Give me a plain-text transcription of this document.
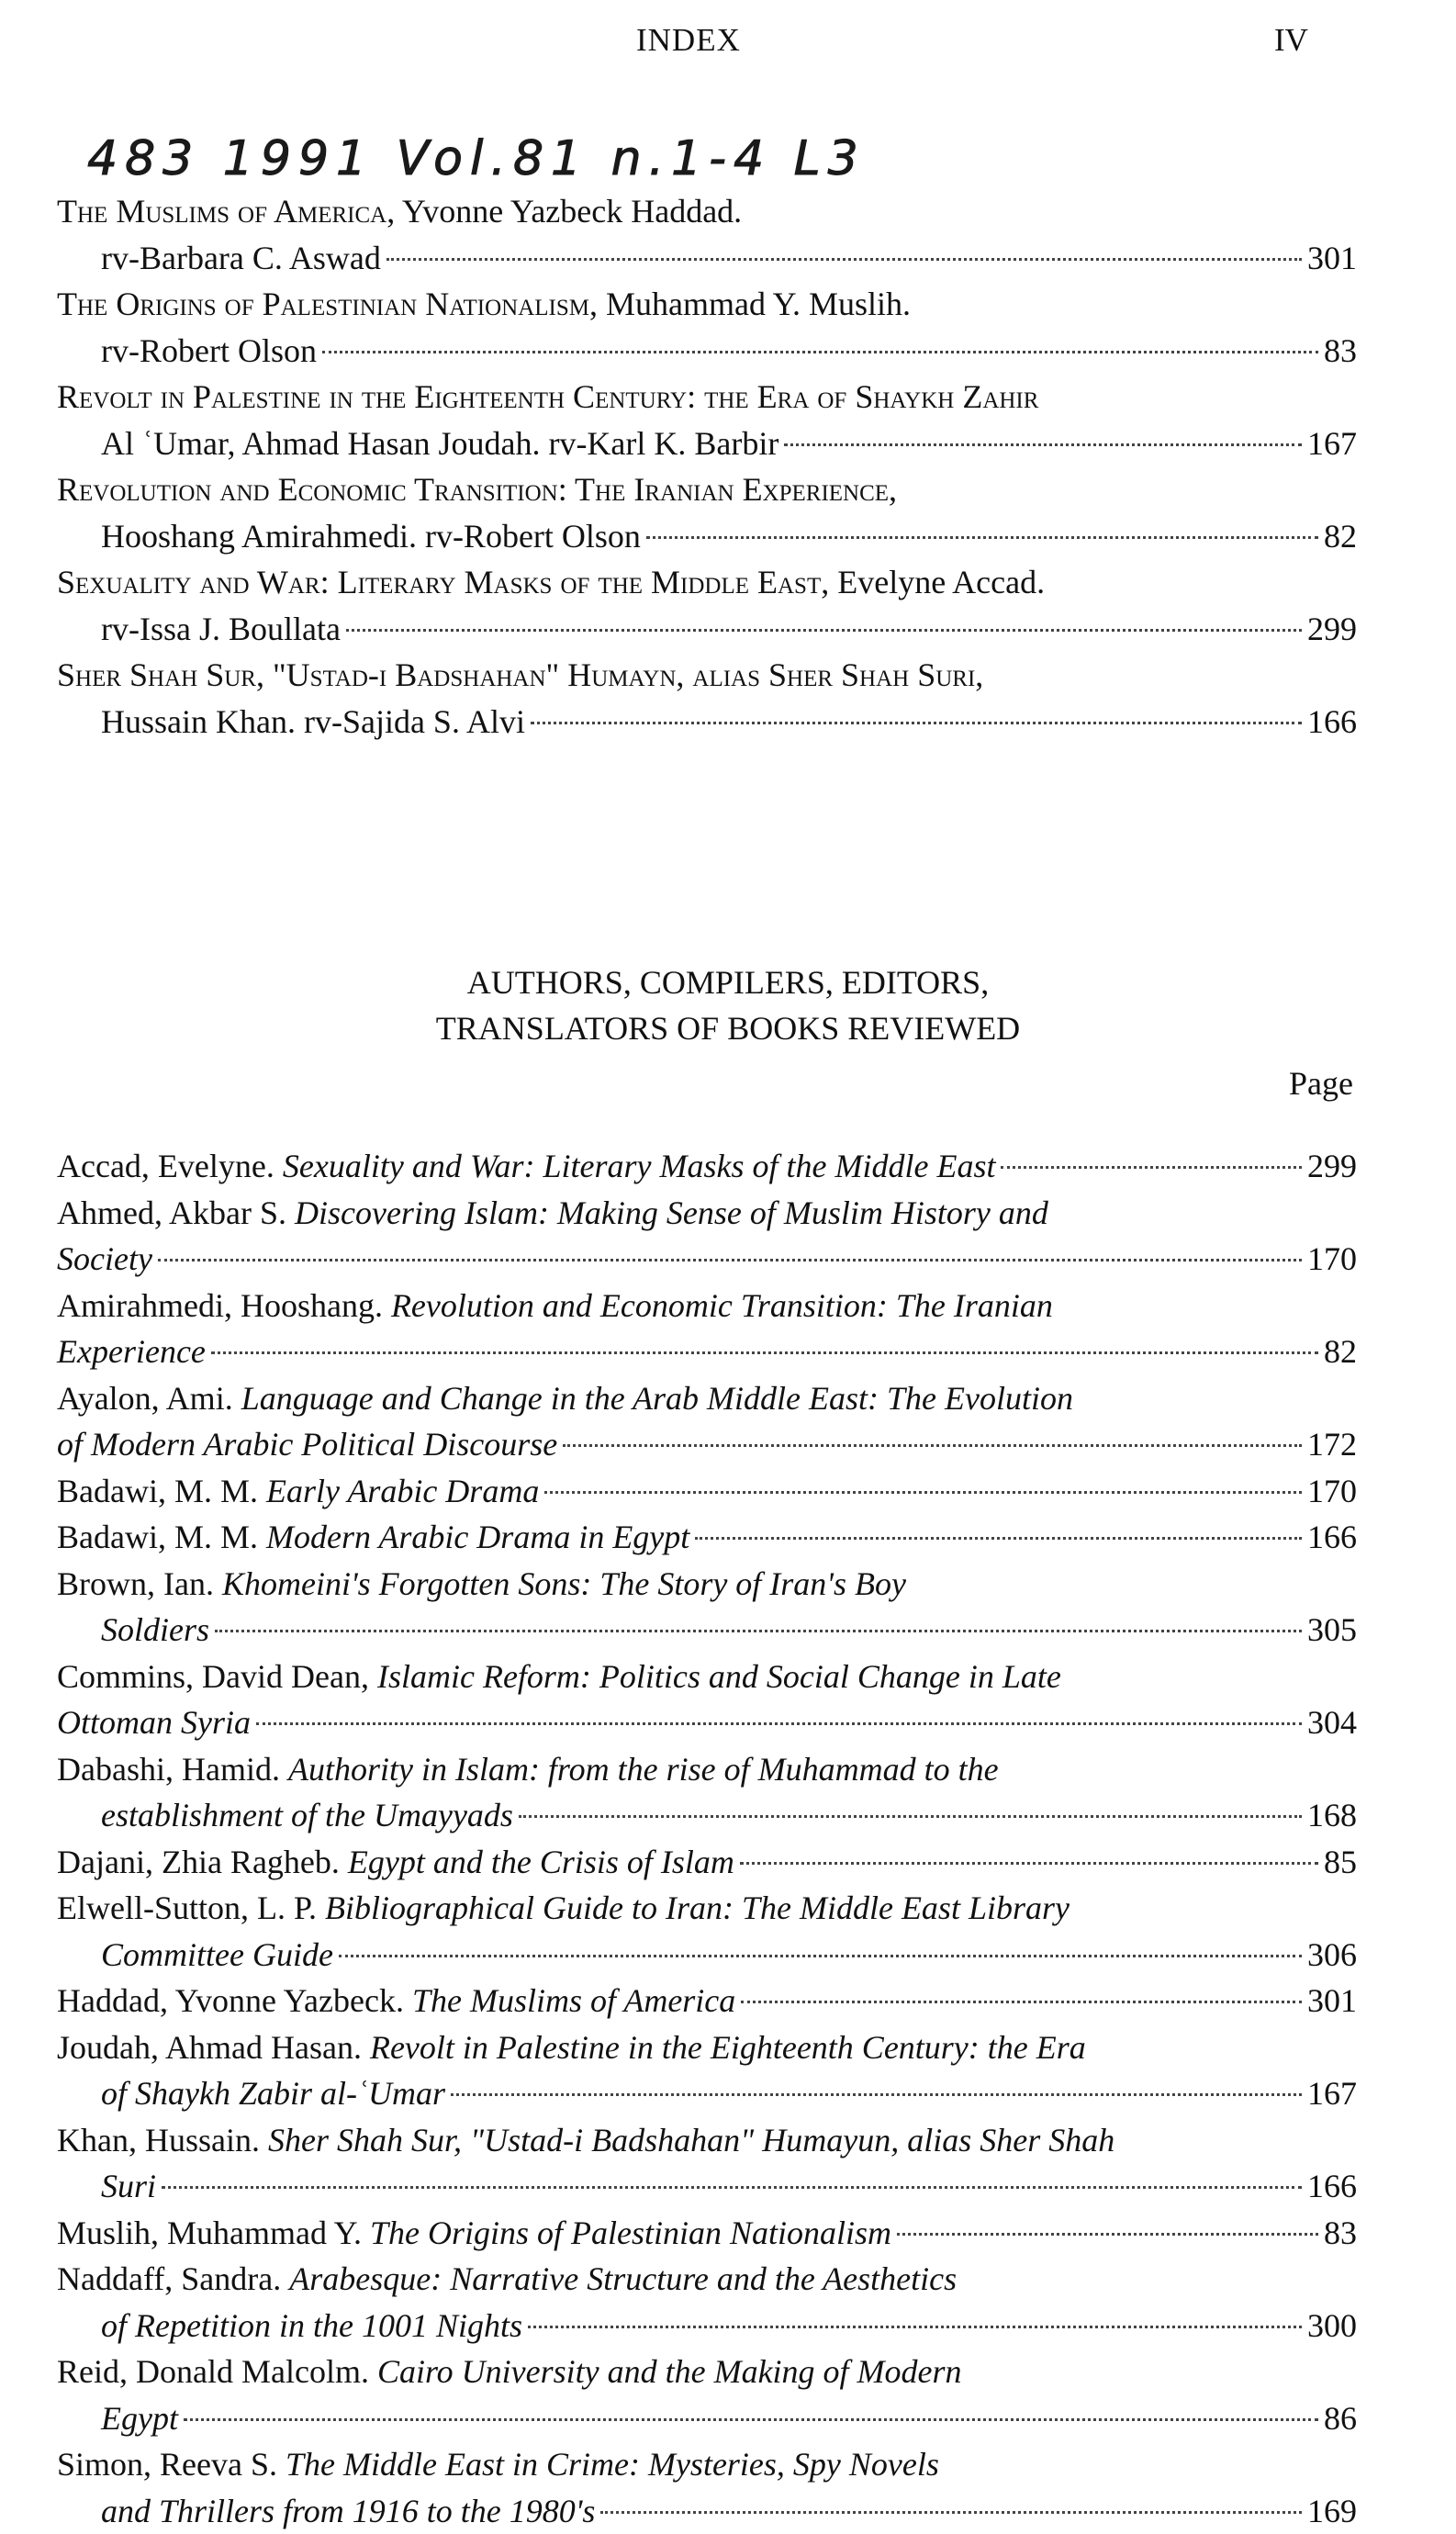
INDEX	IV
483 1991 Vol.81 n.1-4 L3
The Muslims of America, Yvonne Yazbeck Haddad.
rv-Barbara C. Aswad	301
The Origins of Palestinian Nationalism, Muhammad Y. Muslih.
rv-Robert Olson	83
Revolt in Palestine in the Eighteenth Century: the Era of Shaykh Zahir
Al ʿUmar, Ahmad Hasan Joudah. rv-Karl K. Barbir	167
Revolution and Economic Transition: The Iranian Experience,
Hooshang Amirahmedi. rv-Robert Olson	82
Sexuality and War: Literary Masks of the Middle East, Evelyne Accad.
rv-Issa J. Boullata	299
Sher Shah Sur, "Ustad-i Badshahan" Humayn, alias Sher Shah Suri,
Hussain Khan. rv-Sajida S. Alvi	166
AUTHORS, COMPILERS, EDITORS,
TRANSLATORS OF BOOKS REVIEWED
Page
Accad, Evelyne. Sexuality and War: Literary Masks of the Middle East	299
Ahmed, Akbar S. Discovering Islam: Making Sense of Muslim History and
Society	170
Amirahmedi, Hooshang. Revolution and Economic Transition: The Iranian
Experience	82
Ayalon, Ami. Language and Change in the Arab Middle East: The Evolution
of Modern Arabic Political Discourse	172
Badawi, M. M. Early Arabic Drama	170
Badawi, M. M. Modern Arabic Drama in Egypt	166
Brown, Ian. Khomeini's Forgotten Sons: The Story of Iran's Boy
Soldiers	305
Commins, David Dean, Islamic Reform: Politics and Social Change in Late
Ottoman Syria	304
Dabashi, Hamid. Authority in Islam: from the rise of Muhammad to the
establishment of the Umayyads	168
Dajani, Zhia Ragheb. Egypt and the Crisis of Islam	85
Elwell-Sutton, L. P. Bibliographical Guide to Iran: The Middle East Library
Committee Guide	306
Haddad, Yvonne Yazbeck. The Muslims of America	301
Joudah, Ahmad Hasan. Revolt in Palestine in the Eighteenth Century: the Era
of Shaykh Zabir al-ʿUmar	167
Khan, Hussain. Sher Shah Sur, "Ustad-i Badshahan" Humayun, alias Sher Shah
Suri	166
Muslih, Muhammad Y. The Origins of Palestinian Nationalism	83
Naddaff, Sandra. Arabesque: Narrative Structure and the Aesthetics
of Repetition in the 1001 Nights	300
Reid, Donald Malcolm. Cairo University and the Making of Modern
Egypt	86
Simon, Reeva S. The Middle East in Crime: Mysteries, Spy Novels
and Thrillers from 1916 to the 1980's	169
